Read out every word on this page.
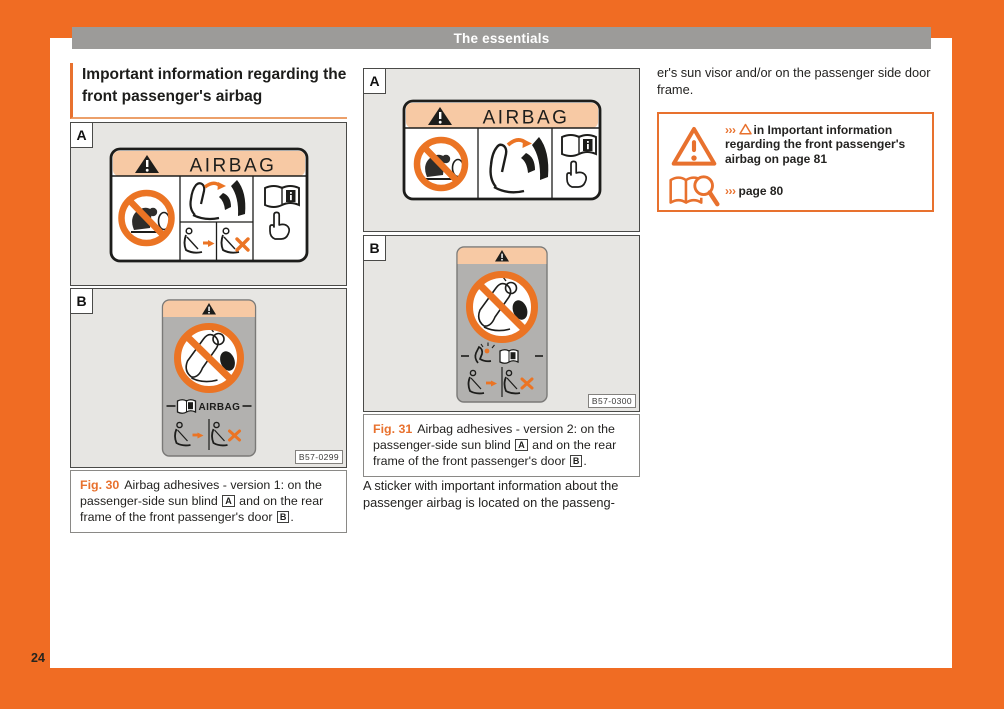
The essentials
Important information regarding the front passenger's airbag
A
AIRBAG
B
AIRBAG
B57-0299
Fig. 30 Airbag adhesives - version 1: on the passenger-side sun blind A and on the rear frame of the front passenger's door B .
A
AIRBAG
B
B57-0300
Fig. 31 Airbag adhesives - version 2: on the passenger-side sun blind A and on the rear frame of the front passenger's door B .
A sticker with important information about the passenger airbag is located on the passeng-
er's sun visor and/or on the passenger side door frame.
››› in Important information regarding the front passenger's airbag on page 81
››› page 80
24
